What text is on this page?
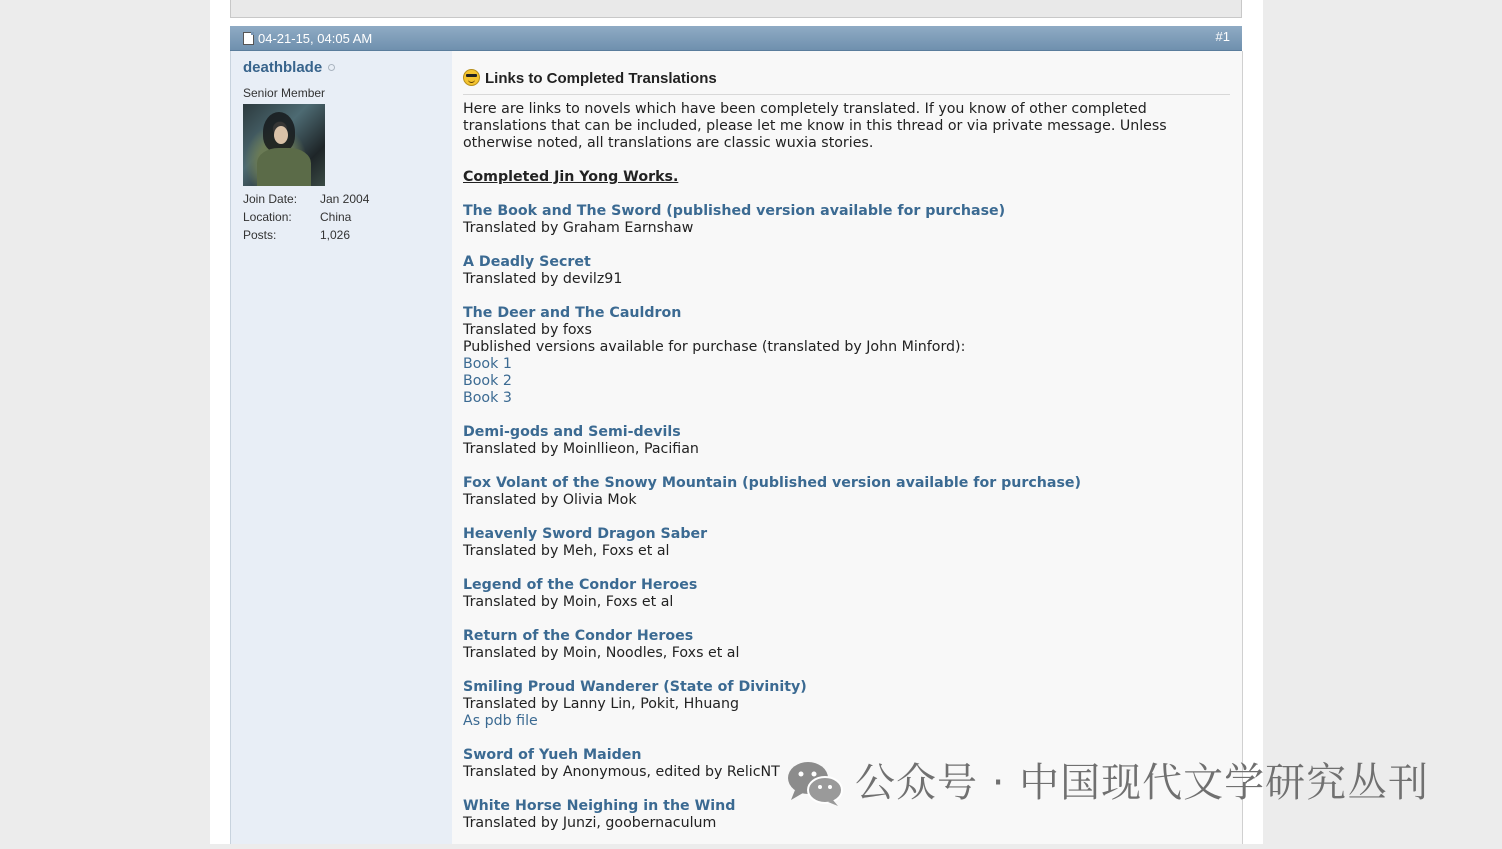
04-21-15, 04:05 AM	#1
deathblade
Senior Member
Join Date: Jan 2004
Location: China
Posts:	1,026
Links to Completed Translations

Here are links to novels which have been completely translated. If you know of other completed translations that can be included, please let me know in this thread or via private message. Unless otherwise noted, all translations are classic wuxia stories.

Completed Jin Yong Works.

The Book and The Sword (published version available for purchase)
Translated by Graham Earnshaw
A Deadly Secret
Translated by devilz91
The Deer and The Cauldron
Translated by foxs
Published versions available for purchase (translated by John Minford):
Book 1
Book 2
Book 3
Demi-gods and Semi-devils
Translated by Moinllieon, Pacifian
Fox Volant of the Snowy Mountain (published version available for purchase)
Translated by Olivia Mok
Heavenly Sword Dragon Saber
Translated by Meh, Foxs et al
Legend of the Condor Heroes
Translated by Moin, Foxs et al
Return of the Condor Heroes
Translated by Moin, Noodles, Foxs et al
Smiling Proud Wanderer (State of Divinity)
Translated by Lanny Lin, Pokit, Hhuang
As pdb file
Sword of Yueh Maiden
Translated by Anonymous, edited by RelicNT
White Horse Neighing in the Wind
Translated by Junzi, goobernaculum
公众号 · 中国现代文学研究丛刊
